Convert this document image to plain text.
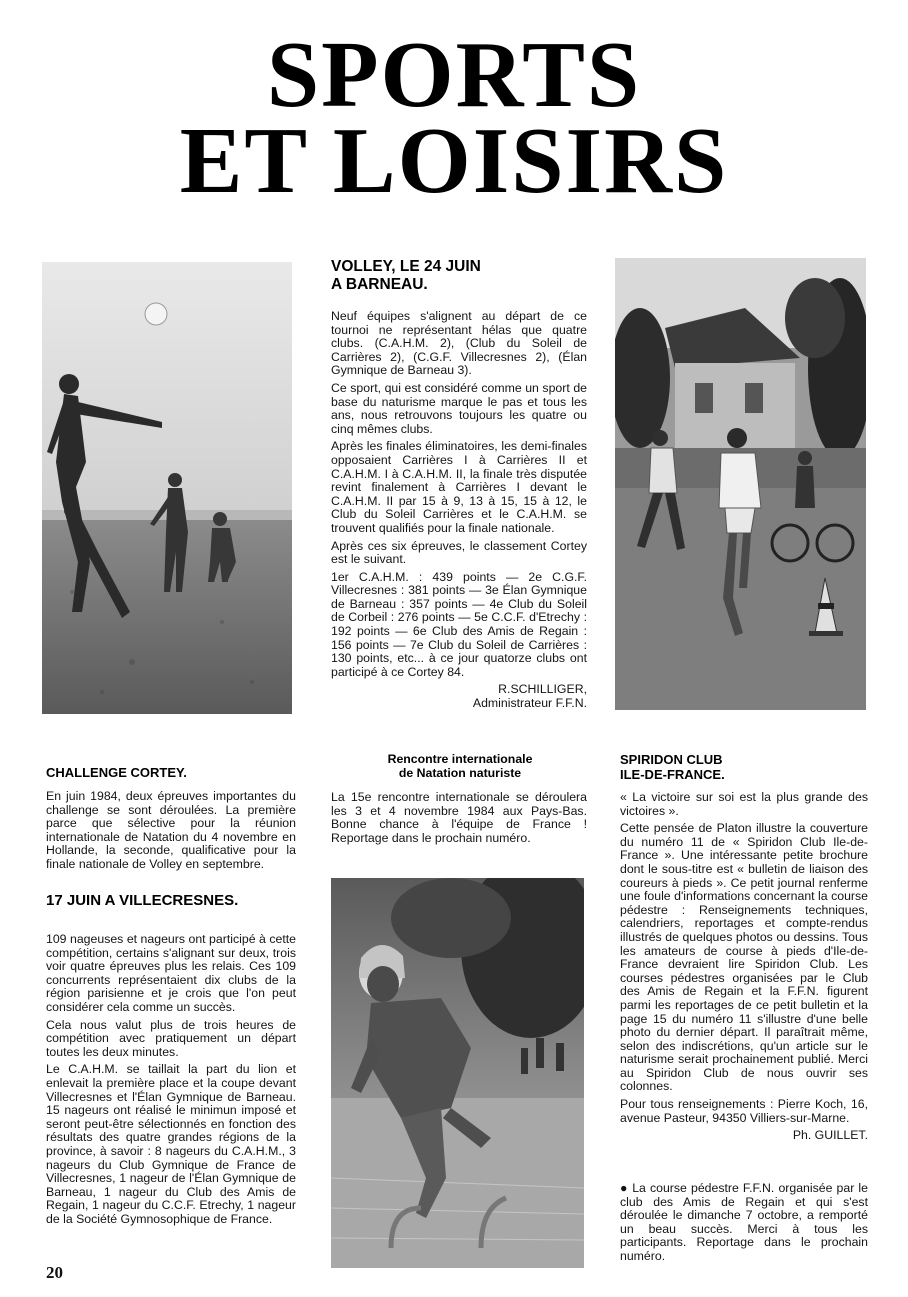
SPORTS
ET LOISIRS
VOLLEY, LE 24 JUIN
A BARNEAU.

Neuf équipes s'alignent au départ de ce tournoi ne représentant hélas que quatre clubs. (C.A.H.M. 2), (Club du Soleil de Carrières 2), (C.G.F. Villecresnes 2), (Élan Gymnique de Barneau 3).

Ce sport, qui est considéré comme un sport de base du naturisme marque le pas et tous les ans, nous retrouvons toujours les quatre ou cinq mêmes clubs.

Après les finales éliminatoires, les demi-finales opposaient Carrières I à Carrières II et C.A.H.M. I à C.A.H.M. II, la finale très disputée revint finalement à Carrières I devant le C.A.H.M. II par 15 à 9, 13 à 15, 15 à 12, le Club du Soleil Carrières et le C.A.H.M. se trouvent qualifiés pour la finale nationale.

Après ces six épreuves, le classement Cortey est le suivant.

1er C.A.H.M. : 439 points — 2e C.G.F. Villecresnes : 381 points — 3e Élan Gymnique de Barneau : 357 points — 4e Club du Soleil de Corbeil : 276 points — 5e C.C.F. d'Etrechy : 192 points — 6e Club des Amis de Regain : 156 points — 7e Club du Soleil de Carrières : 130 points, etc... à ce jour quatorze clubs ont participé à ce Cortey 84.

R.SCHILLIGER,
Administrateur F.F.N.
CHALLENGE CORTEY.

En juin 1984, deux épreuves importantes du challenge se sont déroulées. La première parce que sélective pour la réunion internationale de Natation du 4 novembre en Hollande, la seconde, qualificative pour la finale nationale de Volley en septembre.

17 JUIN A VILLECRESNES.

109 nageuses et nageurs ont participé à cette compétition, certains s'alignant sur deux, trois voir quatre épreuves plus les relais. Ces 109 concurrents représentaient dix clubs de la région parisienne et je crois que l'on peut considérer cela comme un succès.

Cela nous valut plus de trois heures de compétition avec pratiquement un départ toutes les deux minutes.

Le C.A.H.M. se taillait la part du lion et enlevait la première place et la coupe devant Villecresnes et l'Élan Gymnique de Barneau. 15 nageurs ont réalisé le minimun imposé et seront peut-être sélectionnés en fonction des résultats des quatre grandes régions de la province, à savoir : 8 nageurs du C.A.H.M., 3 nageurs du Club Gymnique de France de Villecresnes, 1 nageur de l'Élan Gymnique de Barneau, 1 nageur du Club des Amis de Regain, 1 nageur du C.C.F. Etrechy, 1 nageur de la Société Gymnosophique de France.

Rencontre internationale
de Natation naturiste

La 15e rencontre internationale se déroulera les 3 et 4 novembre 1984 aux Pays-Bas. Bonne chance à l'équipe de France ! Reportage dans le prochain numéro.

SPIRIDON CLUB
ILE-DE-FRANCE.

« La victoire sur soi est la plus grande des victoires ».

Cette pensée de Platon illustre la couverture du numéro 11 de « Spiridon Club Ile-de-France ». Une intéressante petite brochure dont le sous-titre est « bulletin de liaison des coureurs à pieds ». Ce petit journal renferme une foule d'informations concernant la course pédestre : Renseignements techniques, calendriers, reportages et compte-rendus illustrés de quelques photos ou dessins. Tous les amateurs de course à pieds d'Ile-de-France devraient lire Spiridon Club. Les courses pédestres organisées par le Club des Amis de Regain et la F.F.N. figurent parmi les reportages de ce petit bulletin et la page 15 du numéro 11 s'illustre d'une belle photo du dernier départ. Il paraîtrait même, selon des indiscrétions, qu'un article sur le naturisme serait prochainement publié. Merci au Spiridon Club de nous ouvrir ses colonnes.

Pour tous renseignements : Pierre Koch, 16, avenue Pasteur, 94350 Villiers-sur-Marne.

Ph. GUILLET.

● La course pédestre F.F.N. organisée par le club des Amis de Regain et qui s'est déroulée le dimanche 7 octobre, a remporté un beau succès. Merci à tous les participants. Reportage dans le prochain numéro.

20
